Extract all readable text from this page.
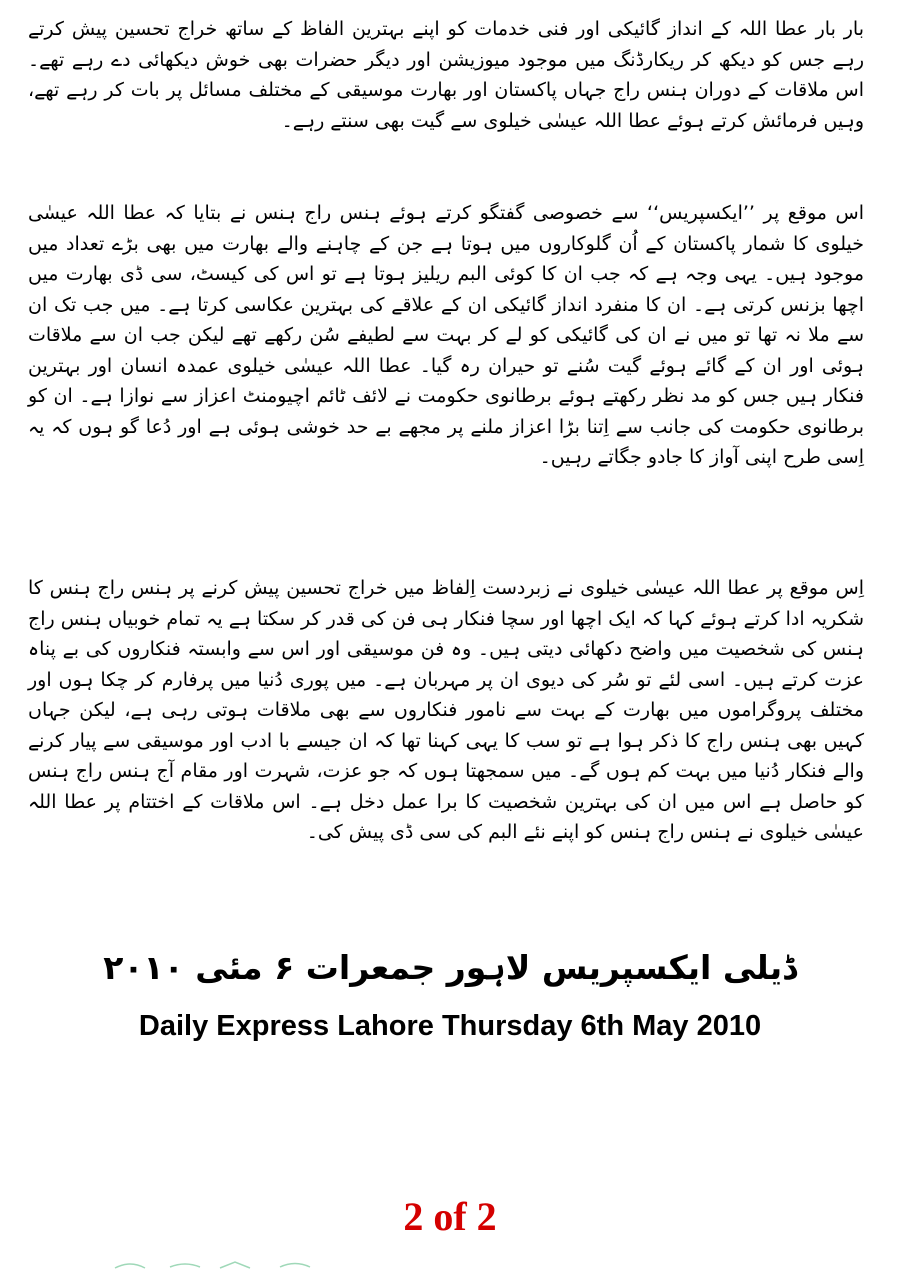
بار بار عطا اللہ کے انداز گائیکی اور فنی خدمات کو اپنے بہترین الفاظ کے ساتھ خراج تحسین پیش کرتے رہے جس کو دیکھ کر ریکارڈنگ میں موجود میوزیشن اور دیگر حضرات بھی خوش دیکھائی دے رہے تھے۔ اس ملاقات کے دوران ہنس راج جہاں پاکستان اور بھارت موسیقی کے مختلف مسائل پر بات کر رہے تھے، وہیں فرمائش کرتے ہوئے عطا اللہ عیسٰی خیلوی سے گیت بھی سنتے رہے۔

اس موقع پر ’’ایکسپریس‘‘ سے خصوصی گفتگو کرتے ہوئے ہنس راج ہنس نے بتایا کہ عطا اللہ عیسٰی خیلوی کا شمار پاکستان کے اُن گلوکاروں میں ہوتا ہے جن کے چاہنے والے بھارت میں بھی بڑے تعداد میں موجود ہیں۔ یہی وجہ ہے کہ جب ان کا کوئی البم ریلیز ہوتا ہے تو اس کی کیسٹ، سی ڈی بھارت میں اچھا بزنس کرتی ہے۔ ان کا منفرد انداز گائیکی ان کے علاقے کی بہترین عکاسی کرتا ہے۔ میں جب تک ان سے ملا نہ تھا تو میں نے ان کی گائیکی کو لے کر بہت سے لطیفے سُن رکھے تھے لیکن جب ان سے ملاقات ہوئی اور ان کے گائے ہوئے گیت سُنے تو حیران رہ گیا۔ عطا اللہ عیسٰی خیلوی عمدہ انسان اور بہترین فنکار ہیں جس کو مد نظر رکھتے ہوئے برطانوی حکومت نے لائف ٹائم اچیومنٹ اعزاز سے نوازا ہے۔ ان کو برطانوی حکومت کی جانب سے اِتنا بڑا اعزاز ملنے پر مجھے بے حد خوشی ہوئی ہے اور دُعا گو ہوں کہ یہ اِسی طرح اپنی آواز کا جادو جگاتے رہیں۔

اِس موقع پر عطا اللہ عیسٰی خیلوی نے زبردست اِلفاظ میں خراج تحسین پیش کرنے پر ہنس راج ہنس کا شکریہ ادا کرتے ہوئے کہا کہ ایک اچھا اور سچا فنکار ہی فن کی قدر کر سکتا ہے یہ تمام خوبیاں ہنس راج ہنس کی شخصیت میں واضح دکھائی دیتی ہیں۔ وہ فن موسیقی اور اس سے وابستہ فنکاروں کی بے پناہ عزت کرتے ہیں۔ اسی لئے تو سُر کی دیوی ان پر مہربان ہے۔ میں پوری دُنیا میں پرفارم کر چکا ہوں اور مختلف پروگراموں میں بھارت کے بہت سے نامور فنکاروں سے بھی ملاقات ہوتی رہی ہے، لیکن جہاں کہیں بھی ہنس راج کا ذکر ہوا ہے تو سب کا یہی کہنا تھا کہ ان جیسے با ادب اور موسیقی سے پیار کرنے والے فنکار دُنیا میں بہت کم ہوں گے۔ میں سمجھتا ہوں کہ جو عزت، شہرت اور مقام آج ہنس راج ہنس کو حاصل ہے اس میں ان کی بہترین شخصیت کا برا عمل دخل ہے۔ اس ملاقات کے اختتام پر عطا اللہ عیسٰی خیلوی نے ہنس راج ہنس کو اپنے نئے البم کی سی ڈی پیش کی۔

ڈیلی ایکسپریس لاہور جمعرات ۶ مئی ۲۰۱۰
Daily Express Lahore Thursday 6th May 2010
2 of 2
